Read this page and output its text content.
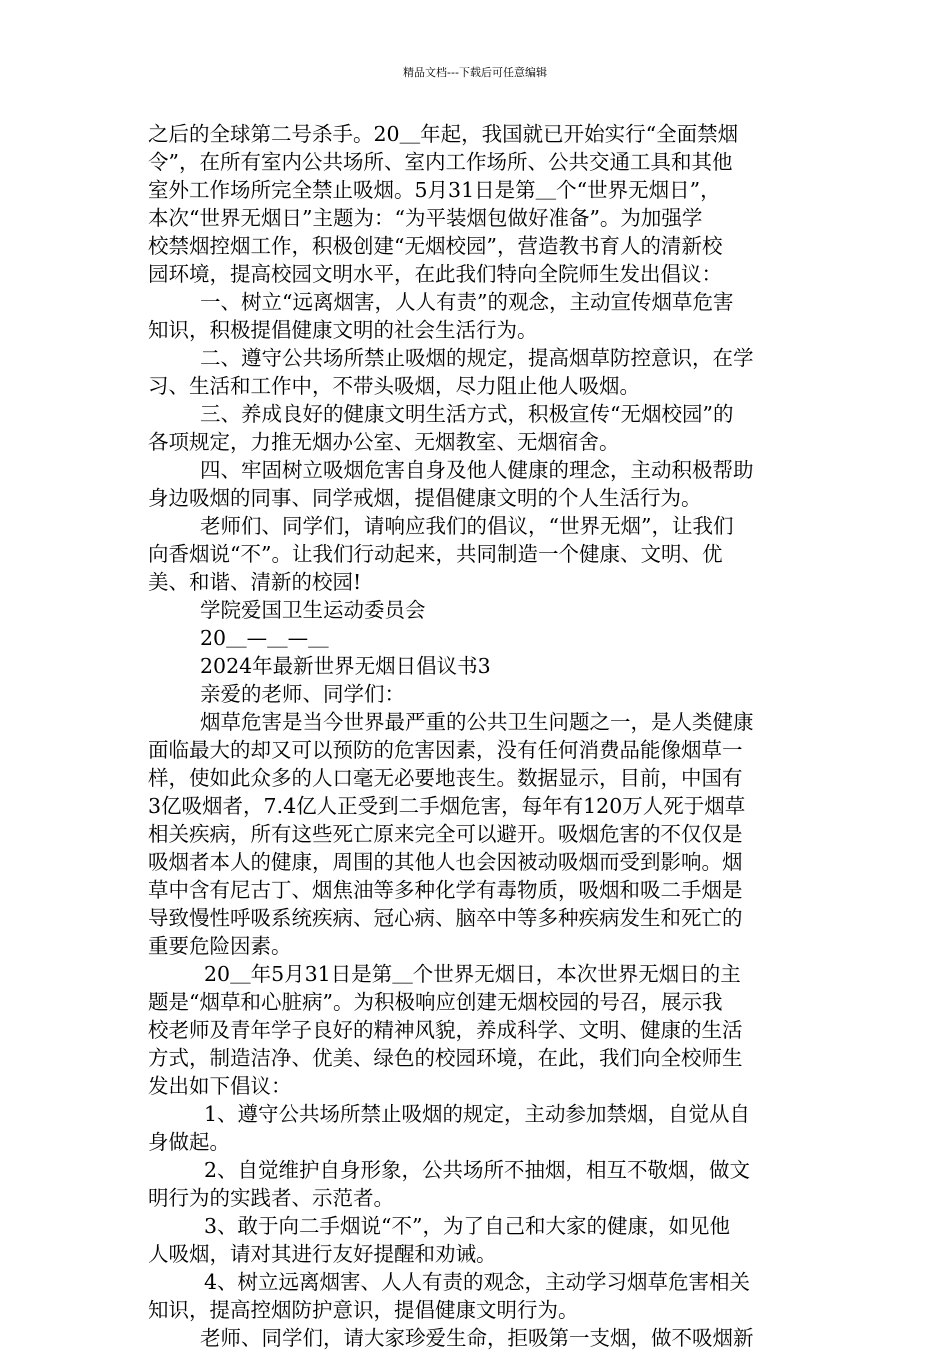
精品文档---下载后可任意编辑
之后的全球第二号杀手。20＿年起，我国就已开始实行“全面禁烟
令”，在所有室内公共场所、室内工作场所、公共交通工具和其他
室外工作场所完全禁止吸烟。5月31日是第＿个“世界无烟日”，
本次“世界无烟日”主题为：“为平装烟包做好准备”。为加强学
校禁烟控烟工作，积极创建“无烟校园”，营造教书育人的清新校
园环境，提高校园文明水平，在此我们特向全院师生发出倡议：
一、树立“远离烟害，人人有责”的观念，主动宣传烟草危害
知识，积极提倡健康文明的社会生活行为。
二、遵守公共场所禁止吸烟的规定，提高烟草防控意识，在学
习、生活和工作中，不带头吸烟，尽力阻止他人吸烟。
三、养成良好的健康文明生活方式，积极宣传“无烟校园”的
各项规定，力推无烟办公室、无烟教室、无烟宿舍。
四、牢固树立吸烟危害自身及他人健康的理念，主动积极帮助
身边吸烟的同事、同学戒烟，提倡健康文明的个人生活行为。
老师们、同学们，请响应我们的倡议，“世界无烟”，让我们
向香烟说“不”。让我们行动起来，共同制造一个健康、文明、优
美、和谐、清新的校园!
学院爱国卫生运动委员会
20＿—＿—＿
2024年最新世界无烟日倡议书3
亲爱的老师、同学们：
烟草危害是当今世界最严重的公共卫生问题之一，是人类健康
面临最大的却又可以预防的危害因素，没有任何消费品能像烟草一
样，使如此众多的人口毫无必要地丧生。数据显示，目前，中国有
3亿吸烟者，7.4亿人正受到二手烟危害，每年有120万人死于烟草
相关疾病，所有这些死亡原来完全可以避开。吸烟危害的不仅仅是
吸烟者本人的健康，周围的其他人也会因被动吸烟而受到影响。烟
草中含有尼古丁、烟焦油等多种化学有毒物质，吸烟和吸二手烟是
导致慢性呼吸系统疾病、冠心病、脑卒中等多种疾病发生和死亡的
重要危险因素。
20＿年5月31日是第＿个世界无烟日，本次世界无烟日的主
题是“烟草和心脏病”。为积极响应创建无烟校园的号召，展示我
校老师及青年学子良好的精神风貌，养成科学、文明、健康的生活
方式，制造洁净、优美、绿色的校园环境，在此，我们向全校师生
发出如下倡议：
1、遵守公共场所禁止吸烟的规定，主动参加禁烟，自觉从自
身做起。
2、自觉维护自身形象，公共场所不抽烟，相互不敬烟，做文
明行为的实践者、示范者。
3、敢于向二手烟说“不”，为了自己和大家的健康，如见他
人吸烟，请对其进行友好提醒和劝诫。
4、树立远离烟害、人人有责的观念，主动学习烟草危害相关
知识，提高控烟防护意识，提倡健康文明行为。
老师、同学们，请大家珍爱生命，拒吸第一支烟，做不吸烟新
